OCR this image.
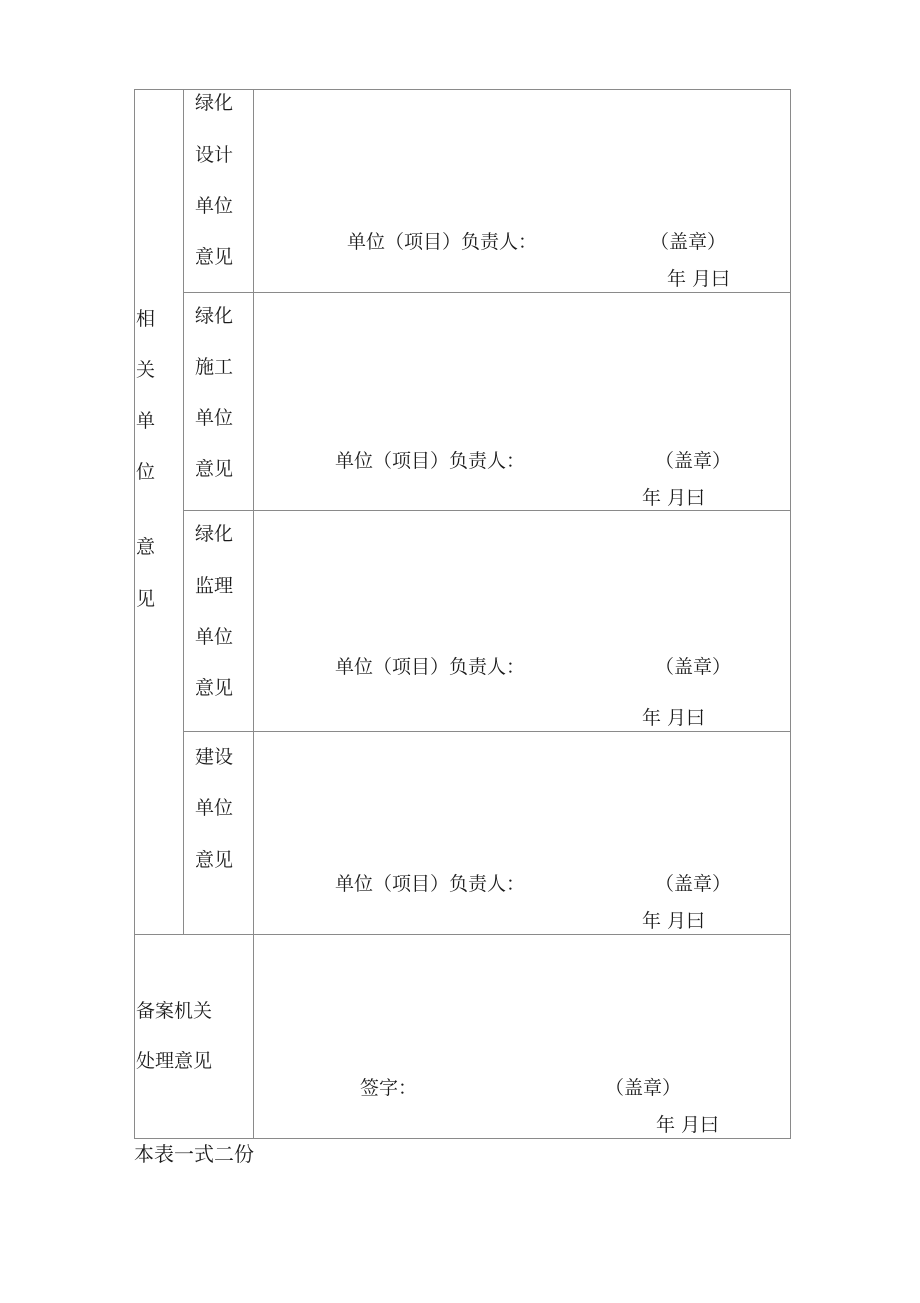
相
关
单
位
意
见
绿化
设计
单位
意见
单位（项目）负责人：	（盖章）
年 月曰
绿化
施工
单位
意见	单位（项目）负责人：	（盖章）
年 月曰
绿化
监理
单位
意见
单位（项目）负责人：	（盖章）
年 月曰
建设
单位
意见
单位（项目）负责人：	（盖章）
年 月曰
备案机关
处理意见
签字：	（盖章）
年 月曰
本表一式二份
